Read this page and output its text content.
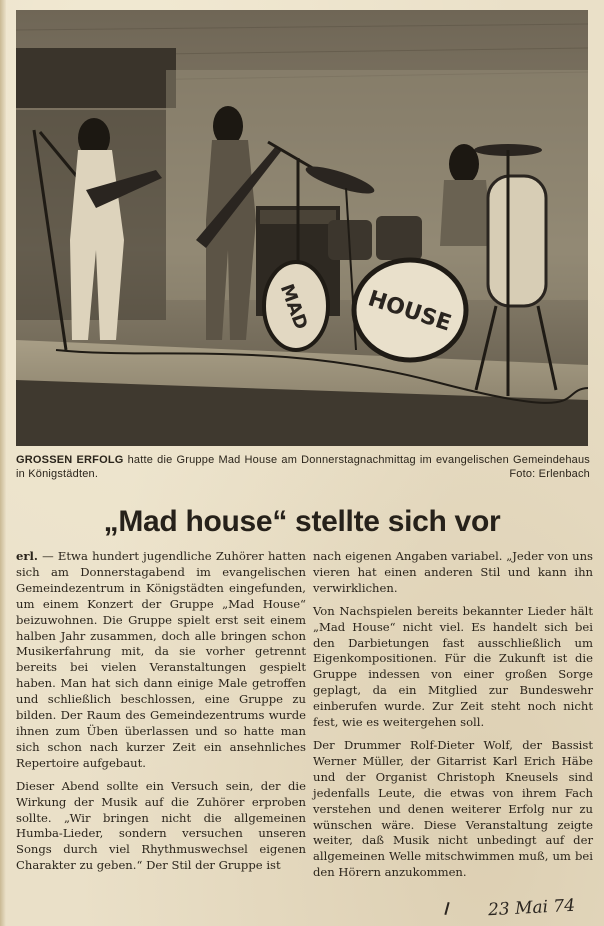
MAD HOUSE
GROSSEN ERFOLG hatte die Gruppe Mad House am Donnerstagnachmittag im evangelischen Gemeindehaus in Königstädten.	Foto: Erlenbach
„Mad house“ stellte sich vor

erl. — Etwa hundert jugendliche Zuhörer hatten sich am Donnerstagabend im evangelischen Gemeindezentrum in Königstädten eingefunden, um einem Konzert der Gruppe „Mad House“ beizuwohnen. Die Gruppe spielt erst seit einem halben Jahr zusammen, doch alle bringen schon Musikerfahrung mit, da sie vorher getrennt bereits bei vielen Veranstaltungen gespielt haben. Man hat sich dann einige Male getroffen und schließlich beschlossen, eine Gruppe zu bilden. Der Raum des Gemeindezentrums wurde ihnen zum Üben überlassen und so hatte man sich schon nach kurzer Zeit ein ansehnliches Repertoire aufgebaut.

Dieser Abend sollte ein Versuch sein, der die Wirkung der Musik auf die Zuhörer erproben sollte. „Wir bringen nicht die allgemeinen Humba-Lieder, sondern versuchen unseren Songs durch viel Rhythmuswechsel eigenen Charakter zu geben.“ Der Stil der Gruppe ist

nach eigenen Angaben variabel. „Jeder von uns vieren hat einen anderen Stil und kann ihn verwirklichen.

Von Nachspielen bereits bekannter Lieder hält „Mad House“ nicht viel. Es handelt sich bei den Darbietungen fast ausschließlich um Eigenkompositionen. Für die Zukunft ist die Gruppe indessen von einer großen Sorge geplagt, da ein Mitglied zur Bundeswehr einberufen wurde. Zur Zeit steht noch nicht fest, wie es weitergehen soll.

Der Drummer Rolf-Dieter Wolf, der Bassist Werner Müller, der Gitarrist Karl Erich Häbe und der Organist Christoph Kneusels sind jedenfalls Leute, die etwas von ihrem Fach verstehen und denen weiterer Erfolg nur zu wünschen wäre. Diese Veranstaltung zeigte weiter, daß Musik nicht unbedingt auf der allgemeinen Welle mitschwimmen muß, um bei den Hörern anzukommen.

23 Mai 74
